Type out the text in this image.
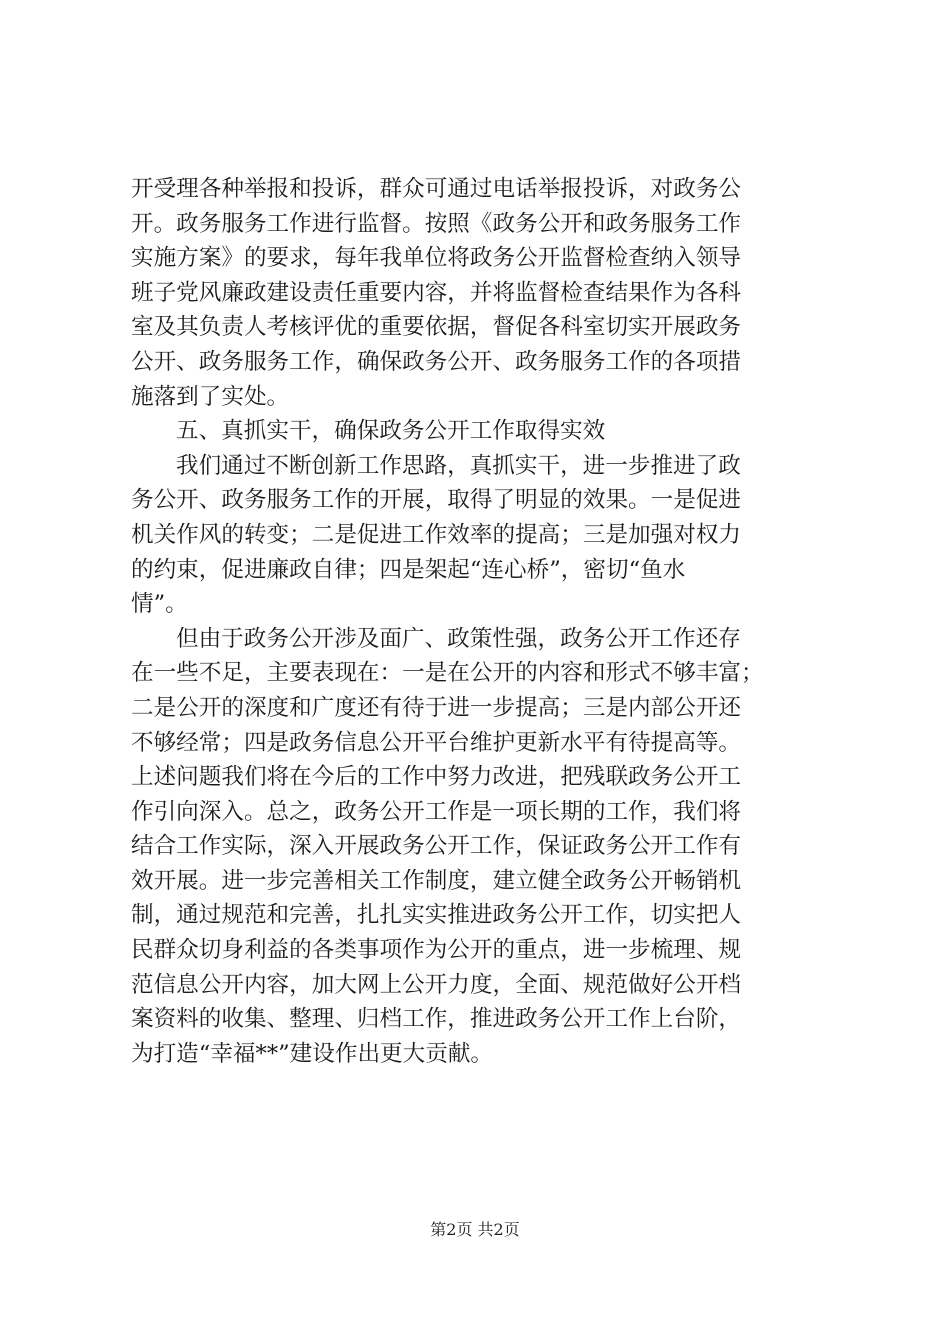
开受理各种举报和投诉，群众可通过电话举报投诉，对政务公
开。政务服务工作进行监督。按照《政务公开和政务服务工作
实施方案》的要求，每年我单位将政务公开监督检查纳入领导
班子党风廉政建设责任重要内容，并将监督检查结果作为各科
室及其负责人考核评优的重要依据，督促各科室切实开展政务
公开、政务服务工作，确保政务公开、政务服务工作的各项措
施落到了实处。
五、真抓实干，确保政务公开工作取得实效
我们通过不断创新工作思路，真抓实干，进一步推进了政
务公开、政务服务工作的开展，取得了明显的效果。一是促进
机关作风的转变；二是促进工作效率的提高；三是加强对权力
的约束，促进廉政自律；四是架起“连心桥”，密切“鱼水
情”。
但由于政务公开涉及面广、政策性强，政务公开工作还存
在一些不足，主要表现在：一是在公开的内容和形式不够丰富；
二是公开的深度和广度还有待于进一步提高；三是内部公开还
不够经常；四是政务信息公开平台维护更新水平有待提高等。
上述问题我们将在今后的工作中努力改进，把残联政务公开工
作引向深入。总之，政务公开工作是一项长期的工作，我们将
结合工作实际，深入开展政务公开工作，保证政务公开工作有
效开展。进一步完善相关工作制度，建立健全政务公开畅销机
制，通过规范和完善，扎扎实实推进政务公开工作，切实把人
民群众切身利益的各类事项作为公开的重点，进一步梳理、规
范信息公开内容，加大网上公开力度，全面、规范做好公开档
案资料的收集、整理、归档工作，推进政务公开工作上台阶，
为打造“幸福**”建设作出更大贡献。
第2页 共2页
